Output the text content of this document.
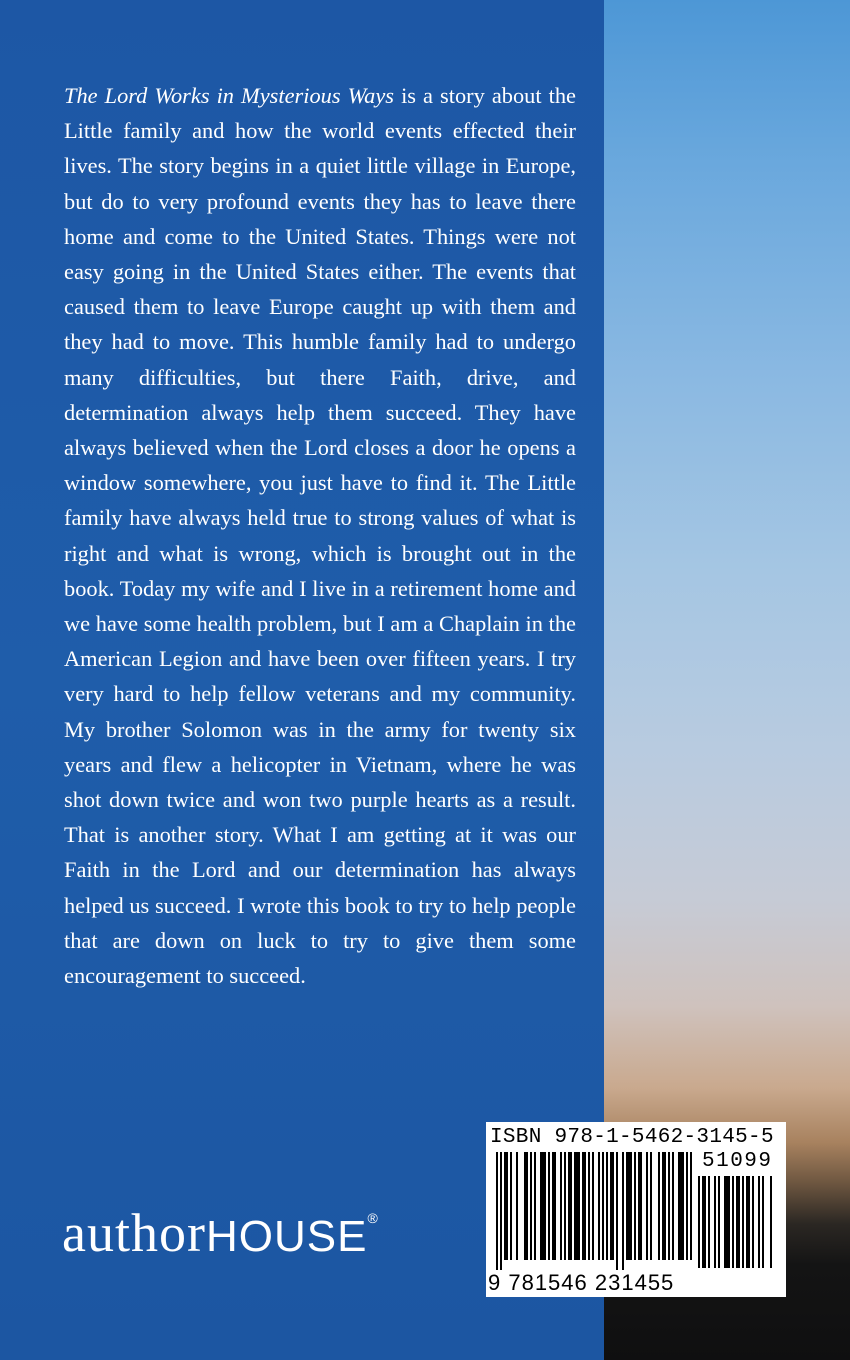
The Lord Works in Mysterious Ways is a story about the Little family and how the world events effected their lives. The story begins in a quiet little village in Europe, but do to very profound events they has to leave there home and come to the United States. Things were not easy going in the United States either. The events that caused them to leave Europe caught up with them and they had to move. This humble family had to undergo many difficulties, but there Faith, drive, and determination always help them succeed. They have always believed when the Lord closes a door he opens a window somewhere, you just have to find it. The Little family have always held true to strong values of what is right and what is wrong, which is brought out in the book. Today my wife and I live in a retirement home and we have some health problem, but I am a Chaplain in the American Legion and have been over fifteen years. I try very hard to help fellow veterans and my community. My brother Solomon was in the army for twenty six years and flew a helicopter in Vietnam, where he was shot down twice and won two purple hearts as a result. That is another story. What I am getting at it was our Faith in the Lord and our determination has always helped us succeed. I wrote this book to try to help people that are down on luck to try to give them some encouragement to succeed.
authorHOUSE®
ISBN 978-1-5462-3145-5
51099
9 781546 231455
